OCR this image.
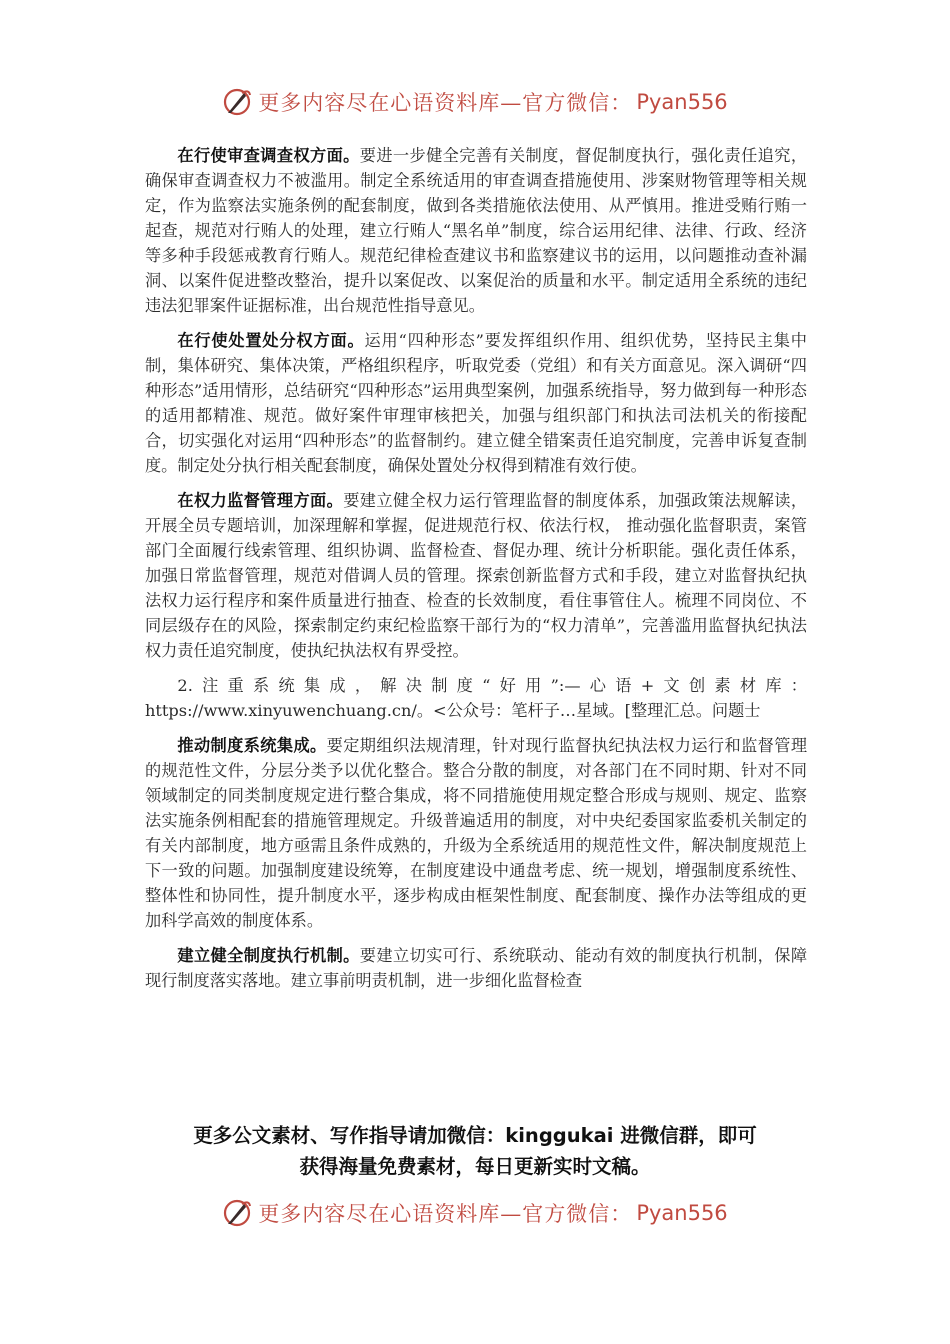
更多内容尽在心语资料库—官方微信： Pyan556

在行使审查调查权方面。要进一步健全完善有关制度，督促制度执行，强化责任追究，确保审查调查权力不被滥用。制定全系统适用的审查调查措施使用、涉案财物管理等相关规定，作为监察法实施条例的配套制度，做到各类措施依法使用、从严慎用。推进受贿行贿一起查，规范对行贿人的处理，建立行贿人“黑名单”制度，综合运用纪律、法律、行政、经济等多种手段惩戒教育行贿人。规范纪律检查建议书和监察建议书的运用，以问题推动查补漏洞、以案件促进整改整治，提升以案促改、以案促治的质量和水平。制定适用全系统的违纪违法犯罪案件证据标准，出台规范性指导意见。

在行使处置处分权方面。运用“四种形态”要发挥组织作用、组织优势，坚持民主集中制，集体研究、集体决策，严格组织程序，听取党委（党组）和有关方面意见。深入调研“四种形态”适用情形，总结研究“四种形态”运用典型案例，加强系统指导，努力做到每一种形态的适用都精准、规范。做好案件审理审核把关，加强与组织部门和执法司法机关的衔接配合，切实强化对运用“四种形态”的监督制约。建立健全错案责任追究制度，完善申诉复查制度。制定处分执行相关配套制度，确保处置处分权得到精准有效行使。

在权力监督管理方面。要建立健全权力运行管理监督的制度体系，加强政策法规解读，开展全员专题培训，加深理解和掌握，促进规范行权、依法行权， 推动强化监督职责，案管部门全面履行线索管理、组织协调、监督检查、督促办理、统计分析职能。强化责任体系，加强日常监督管理，规范对借调人员的管理。探索创新监督方式和手段，建立对监督执纪执法权力运行程序和案件质量进行抽查、检查的长效制度，看住事管住人。梳理不同岗位、不同层级存在的风险，探索制定约束纪检监察干部行为的“权力清单”，完善滥用监督执纪执法权力责任追究制度，使执纪执法权有界受控。

2.注重系统集成，解决制度“好用”:—心语+文创素材库：https://www.xinyuwenchuang.cn/。<公众号：笔杆子…星域。[整理汇总。问题士

推动制度系统集成。要定期组织法规清理，针对现行监督执纪执法权力运行和监督管理的规范性文件，分层分类予以优化整合。整合分散的制度，对各部门在不同时期、针对不同领域制定的同类制度规定进行整合集成，将不同措施使用规定整合形成与规则、规定、监察法实施条例相配套的措施管理规定。升级普遍适用的制度，对中央纪委国家监委机关制定的有关内部制度，地方亟需且条件成熟的，升级为全系统适用的规范性文件，解决制度规范上下一致的问题。加强制度建设统筹，在制度建设中通盘考虑、统一规划，增强制度系统性、整体性和协同性，提升制度水平，逐步构成由框架性制度、配套制度、操作办法等组成的更加科学高效的制度体系。

建立健全制度执行机制。要建立切实可行、系统联动、能动有效的制度执行机制，保障现行制度落实落地。建立事前明责机制，进一步细化监督检查

更多公文素材、写作指导请加微信：kinggukai 进微信群，即可
获得海量免费素材，每日更新实时文稿。
更多内容尽在心语资料库—官方微信： Pyan556
